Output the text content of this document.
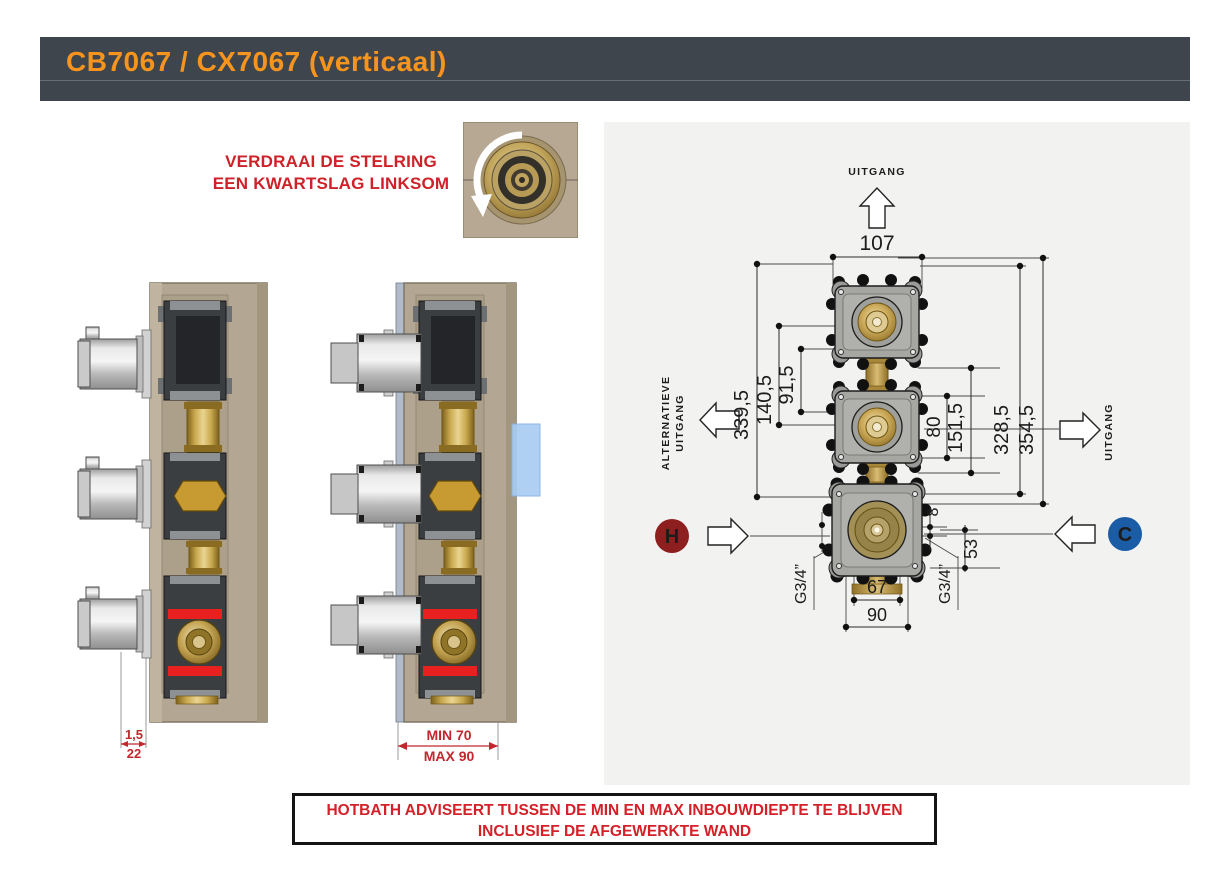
CB7067 / CX7067 (verticaal)
VERDRAAI DE STELRING
EEN KWARTSLAG LINKSOM
1,5
22
MIN 70
MAX 90
UITGANG
ALTERNATIEVE UITGANG	UITGANG
H	C
107
339,5 140,5 91,5
80 151,5 328,5 354,5
8
53
G3/4”	G3/4”
67
90
HOTBATH ADVISEERT TUSSEN DE MIN EN MAX INBOUWDIEPTE TE BLIJVEN
INCLUSIEF DE AFGEWERKTE WAND
